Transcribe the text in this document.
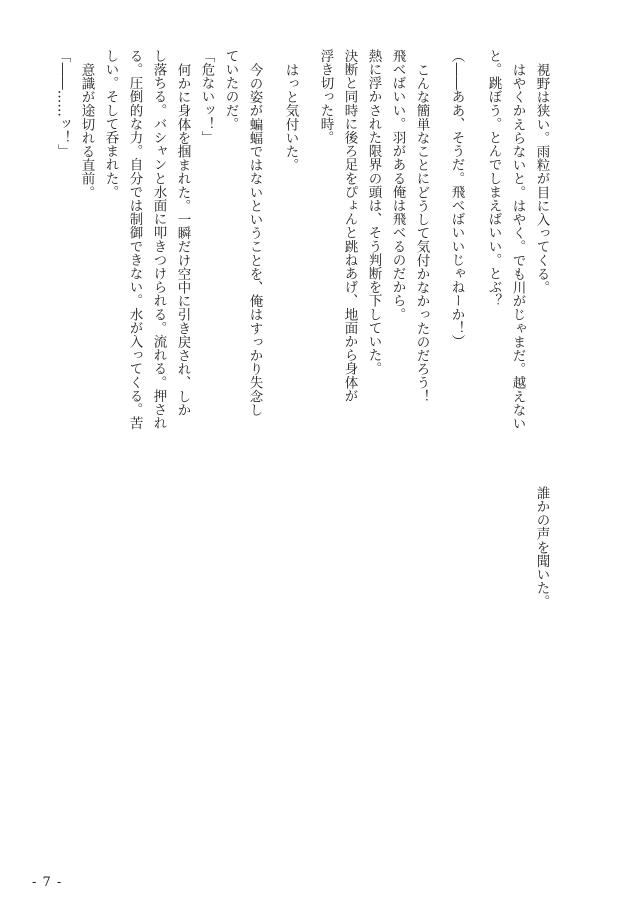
視野は狭い。雨粒が目に入ってくる。
はやくかえらないと。はやく。でも川がじゃまだ。越えない
と。跳ぼう。とんでしまえばいい。とぶ？
（――ああ、そうだ。飛べばいいじゃねーか！）
こんな簡単なことにどうして気付かなかったのだろう！
飛べばいい。羽がある俺は飛べるのだから。
熱に浮かされた限界の頭は、そう判断を下していた。
決断と同時に後ろ足をぴょんと跳ねあげ、地面から身体が
浮き切った時。
はっと気付いた。
今の姿が蝙蝠ではないということを、俺はすっかり失念し
ていたのだ。
「危ないッ！」
何かに身体を掴まれた。一瞬だけ空中に引き戻され、しか
し落ちる。バシャンと水面に叩きつけられる。流れる。押され
る。圧倒的な力。自分では制御できない。水が入ってくる。苦
しい。そして呑まれた。
意識が途切れる直前。
「――……ッ！」
誰かの声を聞いた。
- 7 -
